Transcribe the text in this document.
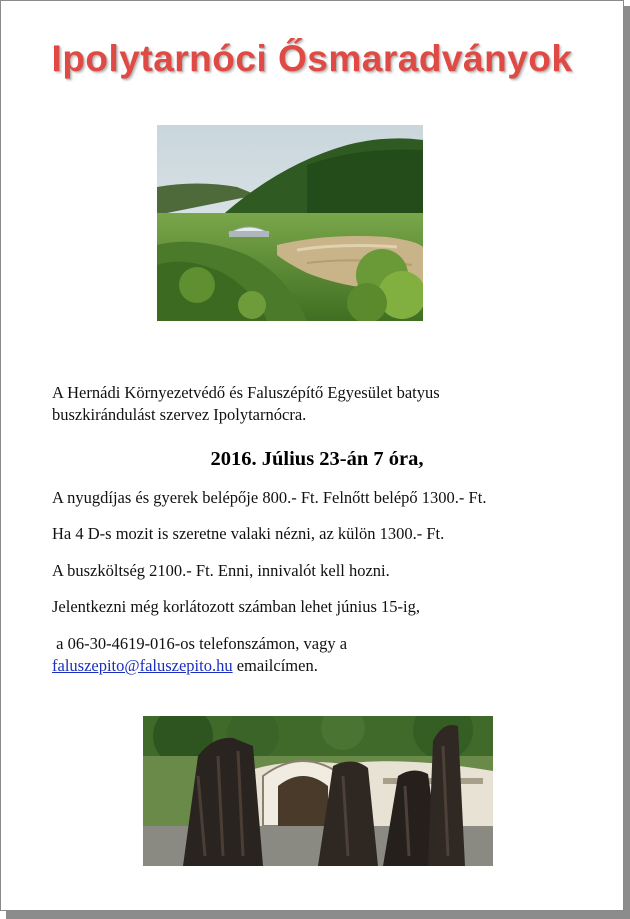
Ipolytarnóci Ősmaradványok

A Hernádi Környezetvédő és Faluszépítő Egyesület batyus
buszkirándulást szervez Ipolytarnócra.

2016. Július 23-án 7 óra,

A nyugdíjas és gyerek belépője 800.- Ft. Felnőtt belépő 1300.- Ft.

Ha 4 D-s mozit is szeretne valaki nézni, az külön 1300.- Ft.

A buszköltség 2100.- Ft. Enni, innivalót kell hozni.

Jelentkezni még korlátozott számban lehet június 15-ig,

a 06-30-4619-016-os telefonszámon, vagy a
faluszepito@faluszepito.hu emailcímen.
